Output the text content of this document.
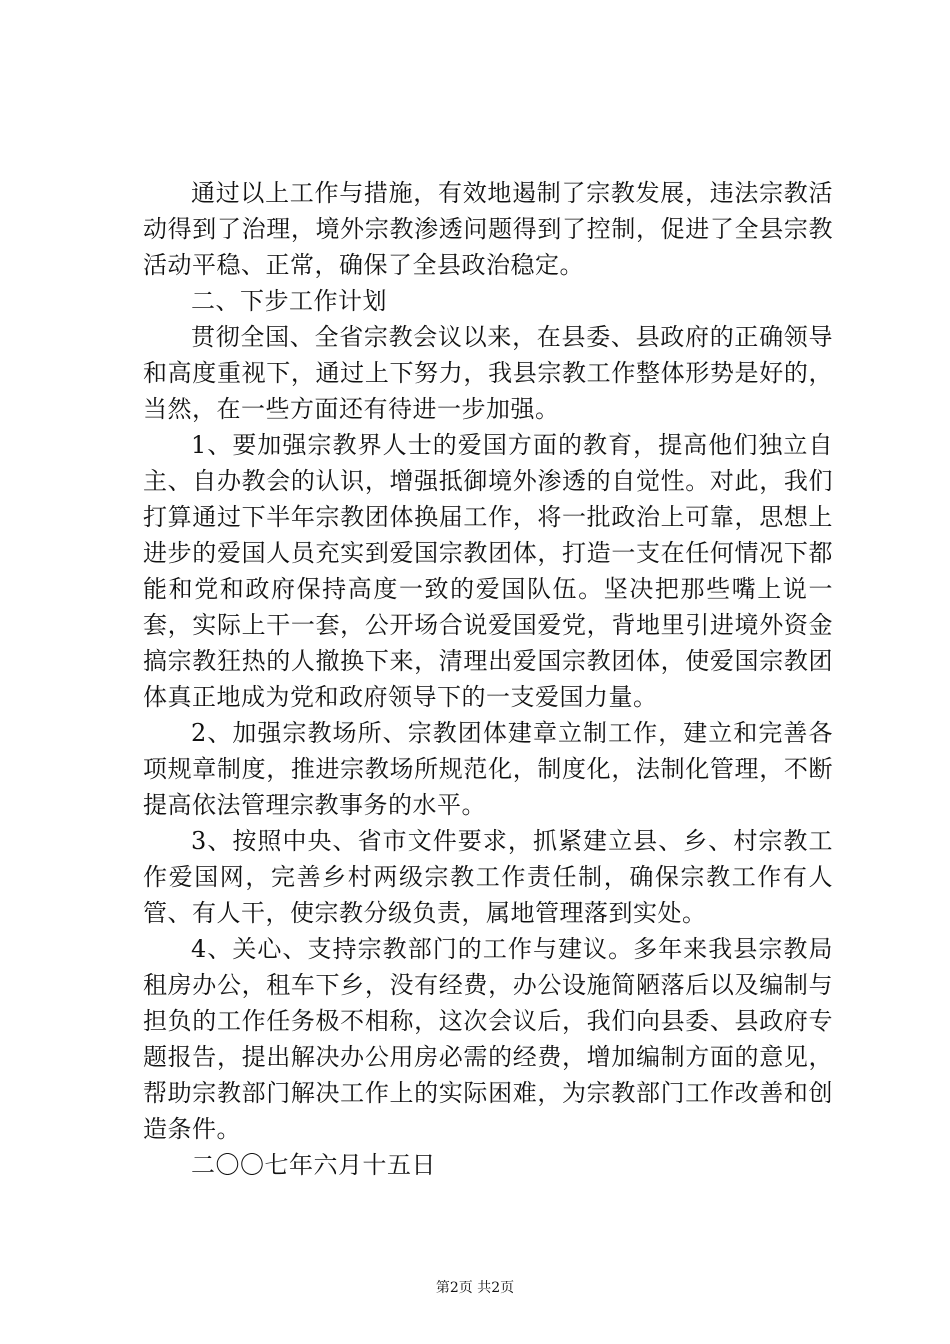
通过以上工作与措施，有效地遏制了宗教发展，违法宗教活动得到了治理，境外宗教渗透问题得到了控制，促进了全县宗教活动平稳、正常，确保了全县政治稳定。

二、下步工作计划

贯彻全国、全省宗教会议以来，在县委、县政府的正确领导和高度重视下，通过上下努力，我县宗教工作整体形势是好的，当然，在一些方面还有待进一步加强。

1、要加强宗教界人士的爱国方面的教育，提高他们独立自主、自办教会的认识，增强抵御境外渗透的自觉性。对此，我们打算通过下半年宗教团体换届工作，将一批政治上可靠，思想上进步的爱国人员充实到爱国宗教团体，打造一支在任何情况下都能和党和政府保持高度一致的爱国队伍。坚决把那些嘴上说一套，实际上干一套，公开场合说爱国爱党，背地里引进境外资金搞宗教狂热的人撤换下来，清理出爱国宗教团体，使爱国宗教团体真正地成为党和政府领导下的一支爱国力量。

2、加强宗教场所、宗教团体建章立制工作，建立和完善各项规章制度，推进宗教场所规范化，制度化，法制化管理，不断提高依法管理宗教事务的水平。

3、按照中央、省市文件要求，抓紧建立县、乡、村宗教工作爱国网，完善乡村两级宗教工作责任制，确保宗教工作有人管、有人干，使宗教分级负责，属地管理落到实处。

4、关心、支持宗教部门的工作与建议。多年来我县宗教局租房办公，租车下乡，没有经费，办公设施简陋落后以及编制与担负的工作任务极不相称，这次会议后，我们向县委、县政府专题报告，提出解决办公用房必需的经费，增加编制方面的意见，帮助宗教部门解决工作上的实际困难，为宗教部门工作改善和创造条件。

二〇〇七年六月十五日

第2页 共2页
